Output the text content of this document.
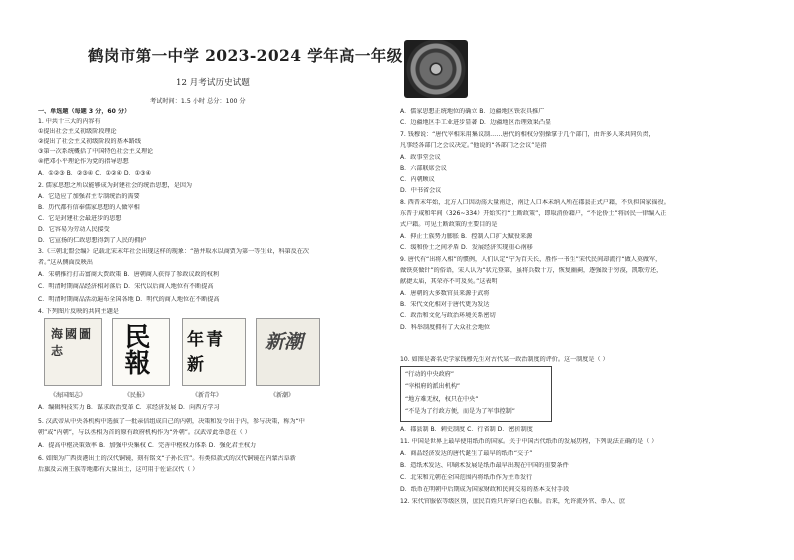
一、单选题（每题 3 分，60 分）
1. 中共十三大的内容有
①提出社会主义初级阶段理论
②提出了社会主义初级阶段的基本路线
③第一次系统概括了中国特色社会主义理论
④把邓小平理论作为党的指导思想
A．①②③ B．②③④ C．①②④ D．①③④
2. 儒家思想之所以能够成为封建社会的统治思想，是因为
A．它适应了加强君主专制统治的需要
B．历代都有信奉儒家思想的人做宰相
C．它是封建社会最进步的思想
D．它容易为劳动人民接受
D．它宣扬的仁政思想得到了人民的拥护
3.《三朝北盟会编》记载北宋末年社会出现这样的现象：“凿井取水以商贾为第一等生业，科第反在次
者。”这从侧面反映出
A．宋朝推行打击富商大贾政策 B．唐朝商人获得了参政议政的权利
C．明清时期商品经济相对落后 D．宋代以后商人地位有不断提高
C．明清时期商品活动遍布全国各地 D．明代的商人地位在不断提高
4. 下列图片反映的共同主题是
A．编辑科技实力 B．谋求政治变革 C．求经济发展 D．向西方学习
5. 汉武帝从中央各机构中选拔了一批亲信组成自己的内朝，决策和发令出于内，参与决策，称为“中
朝”或“内朝”，与以丞相为首的原有政府机构作为“外朝”。汉武帝此举意在（ ）
A．提高中枢决策效率 B．加强中央集权 C．完善中枢权力体系 D．强化君主权力
6. 如图为广西贵港出土的汉代铜镜，刻有铭文“子孙长宜”。有类似款式的汉代铜镜在内蒙古阜新
后旗及云南王族等地都有大量出土，这可用于佐证汉代（ ）
A．儒家思想正统地位的确立 B．边疆地区铁农具推广
C．边疆地区手工业进步显著 D．边疆地区治理效果凸显
7. 钱穆说：“唐代宰相采用集议制……唐代的相权分别操掌于几个部门，由许多人来共同负责，
凡事经各部门之会议决定。”他说的“各部门之会议”是指
A．政事堂会议
B．六部联席会议
C．内朝顾议
D．中书省会议
8. 西晋末年始，北方人口因动荡大量南迁，南迁人口本未纳入所在郡县正式户籍，不负担国家徭役。
东晋于咸和年间（326~334）开始实行“土断政策”，即取消侨籍户，“不论侨土”将居民一律编入正
式户籍。可见土断政策的主要目的是
A．抑止士族势力膨胀 B．控制人口扩大赋役来源
C．缓和侨土之间矛盾 D．发展经济实现重心南移
9. 唐代有“出将入相”的惯例，人们认定“宁为百夫长，胜作一书生”宋代民间却流行“做人莫做军，
做铁莫做针”的俗语，宋人认为“状元登第，虽将兵数十万，恢复幽蓟，逐强敌于穷漠，凯歌劳还，
献捷太庙，其荣亦不可及矣。”这表明
A．唐朝的大多数官员来源于武将
B．宋代文化相对于唐代更为发达
C．政治和文化与政治环境关系密切
D．科举制度拥有了大众社会地位
10. 如图是著名史学家钱穆先生对古代某一政治制度的评价。这一制度是（ ）
A．郡县制 B．刺史制度 C．行省制 D．密折制度
11. 中国是世界上最早使用纸币的国家。关于中国古代纸币的发展历程，下列说法正确的是（ ）
A．商品经济发达的唐代诞生了最早的纸币“交子”
B．造纸术发达、印刷术发展是纸币最早出现在中国的重要条件
C．北宋和元朝在全国范围内将纸币作为主币发行
D．纸币在明朝中后期成为国家财政和民间交易的基本支付手段
12. 宋代官服依等级区别，庶民百姓只许穿白色衣服。后来，允许流外官、举人、庶
鹤岗市第一中学 2023-2024 学年高一年级
12 月考试历史试题
考试时间：1.5 小时 总分：100 分
海國圖志	民報 年青 新
新潮
《海国图志》	《民报》	《新青年》	《新潮》
“行动的中央政府”
“宰相府的派出机构”
“地方难无权，权只在中央”
“不是为了行政方便，而是为了军事控制”
